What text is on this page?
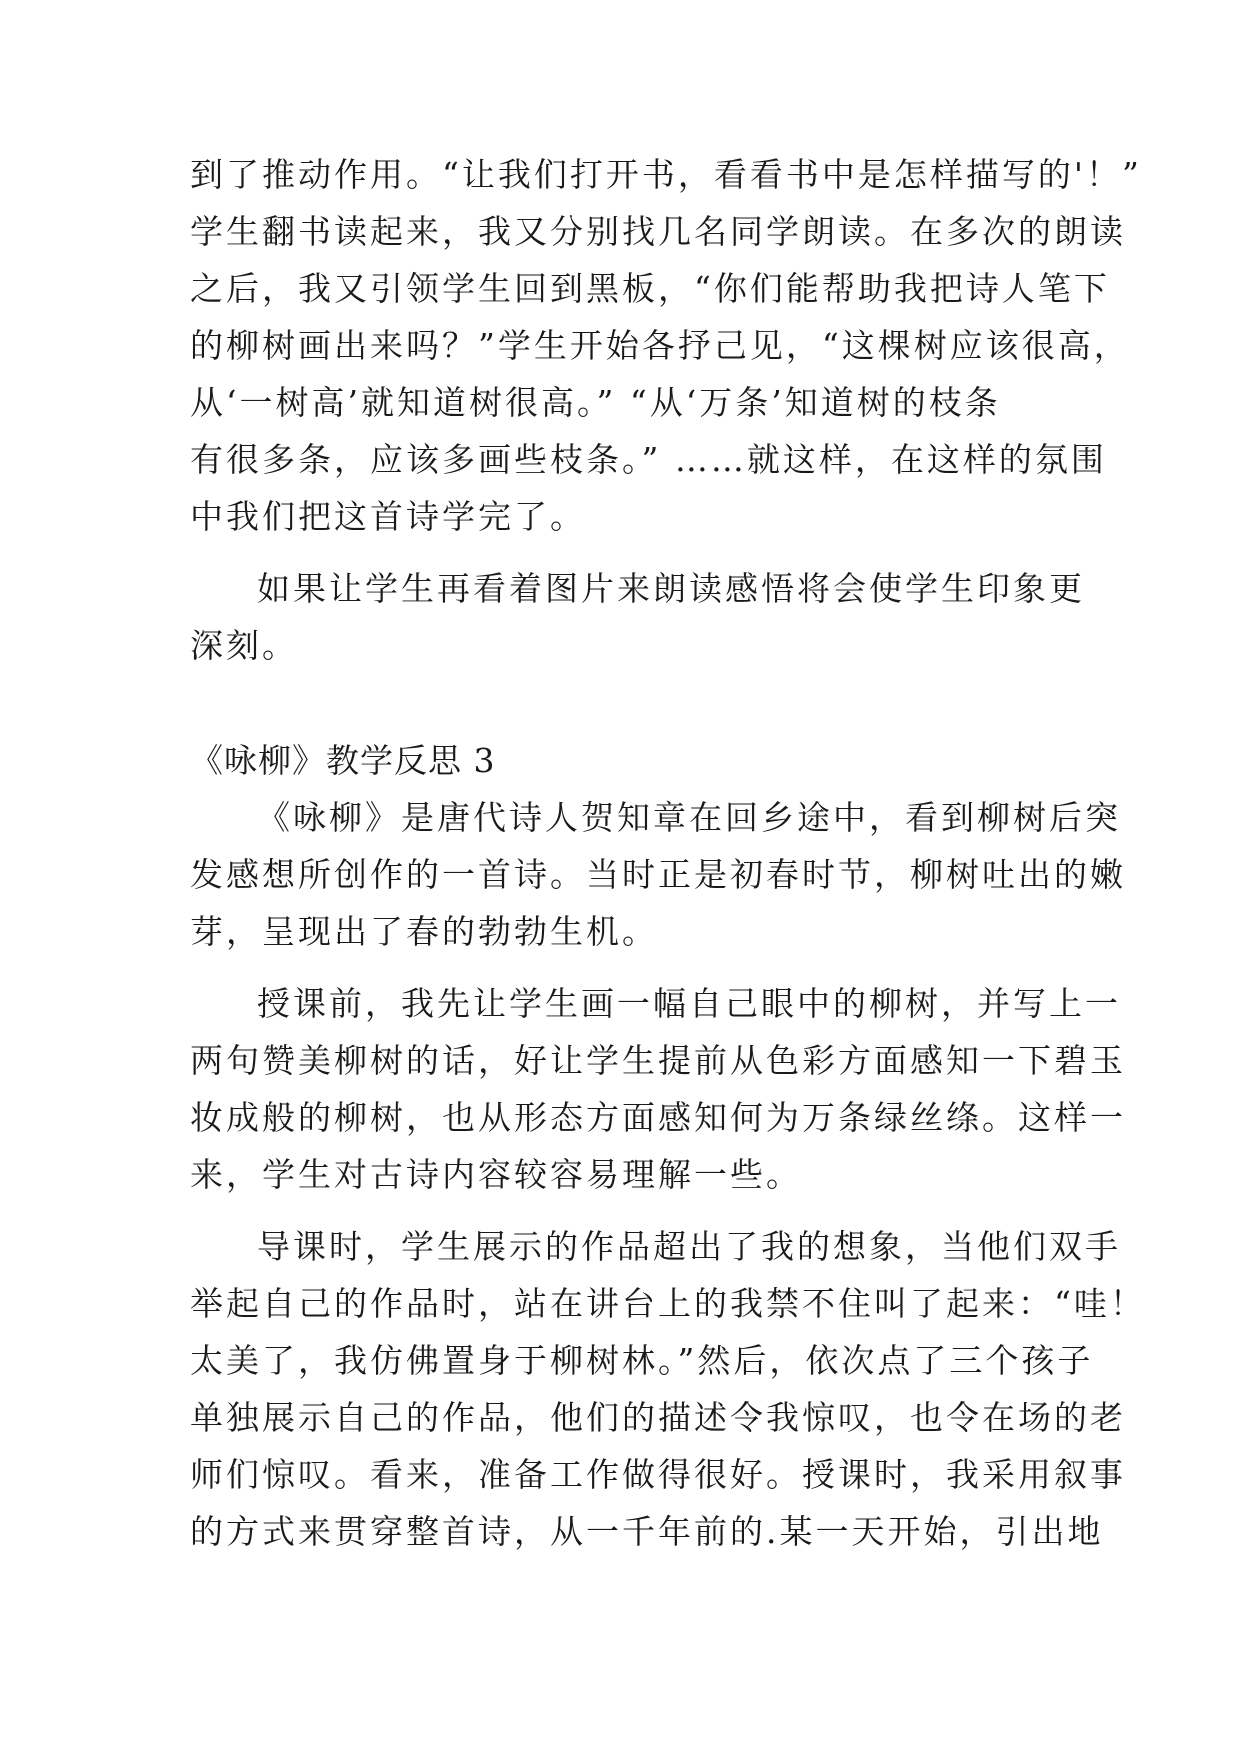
到了推动作用。“让我们打开书，看看书中是怎样描写的'！”
学生翻书读起来，我又分别找几名同学朗读。在多次的朗读
之后，我又引领学生回到黑板，“你们能帮助我把诗人笔下
的柳树画出来吗？”学生开始各抒己见，“这棵树应该很高，
从‘一树高’就知道树很高。” “从‘万条’知道树的枝条
有很多条，应该多画些枝条。” ……就这样，在这样的氛围
中我们把这首诗学完了。
如果让学生再看着图片来朗读感悟将会使学生印象更
深刻。
《咏柳》教学反思 3
《咏柳》是唐代诗人贺知章在回乡途中，看到柳树后突
发感想所创作的一首诗。当时正是初春时节，柳树吐出的嫩
芽，呈现出了春的勃勃生机。
授课前，我先让学生画一幅自己眼中的柳树，并写上一
两句赞美柳树的话，好让学生提前从色彩方面感知一下碧玉
妆成般的柳树，也从形态方面感知何为万条绿丝绦。这样一
来，学生对古诗内容较容易理解一些。
导课时，学生展示的作品超出了我的想象，当他们双手
举起自己的作品时，站在讲台上的我禁不住叫了起来：“哇！
太美了，我仿佛置身于柳树林。”然后，依次点了三个孩子
单独展示自己的作品，他们的描述令我惊叹，也令在场的老
师们惊叹。看来，准备工作做得很好。授课时，我采用叙事
的方式来贯穿整首诗，从一千年前的.某一天开始，引出地
